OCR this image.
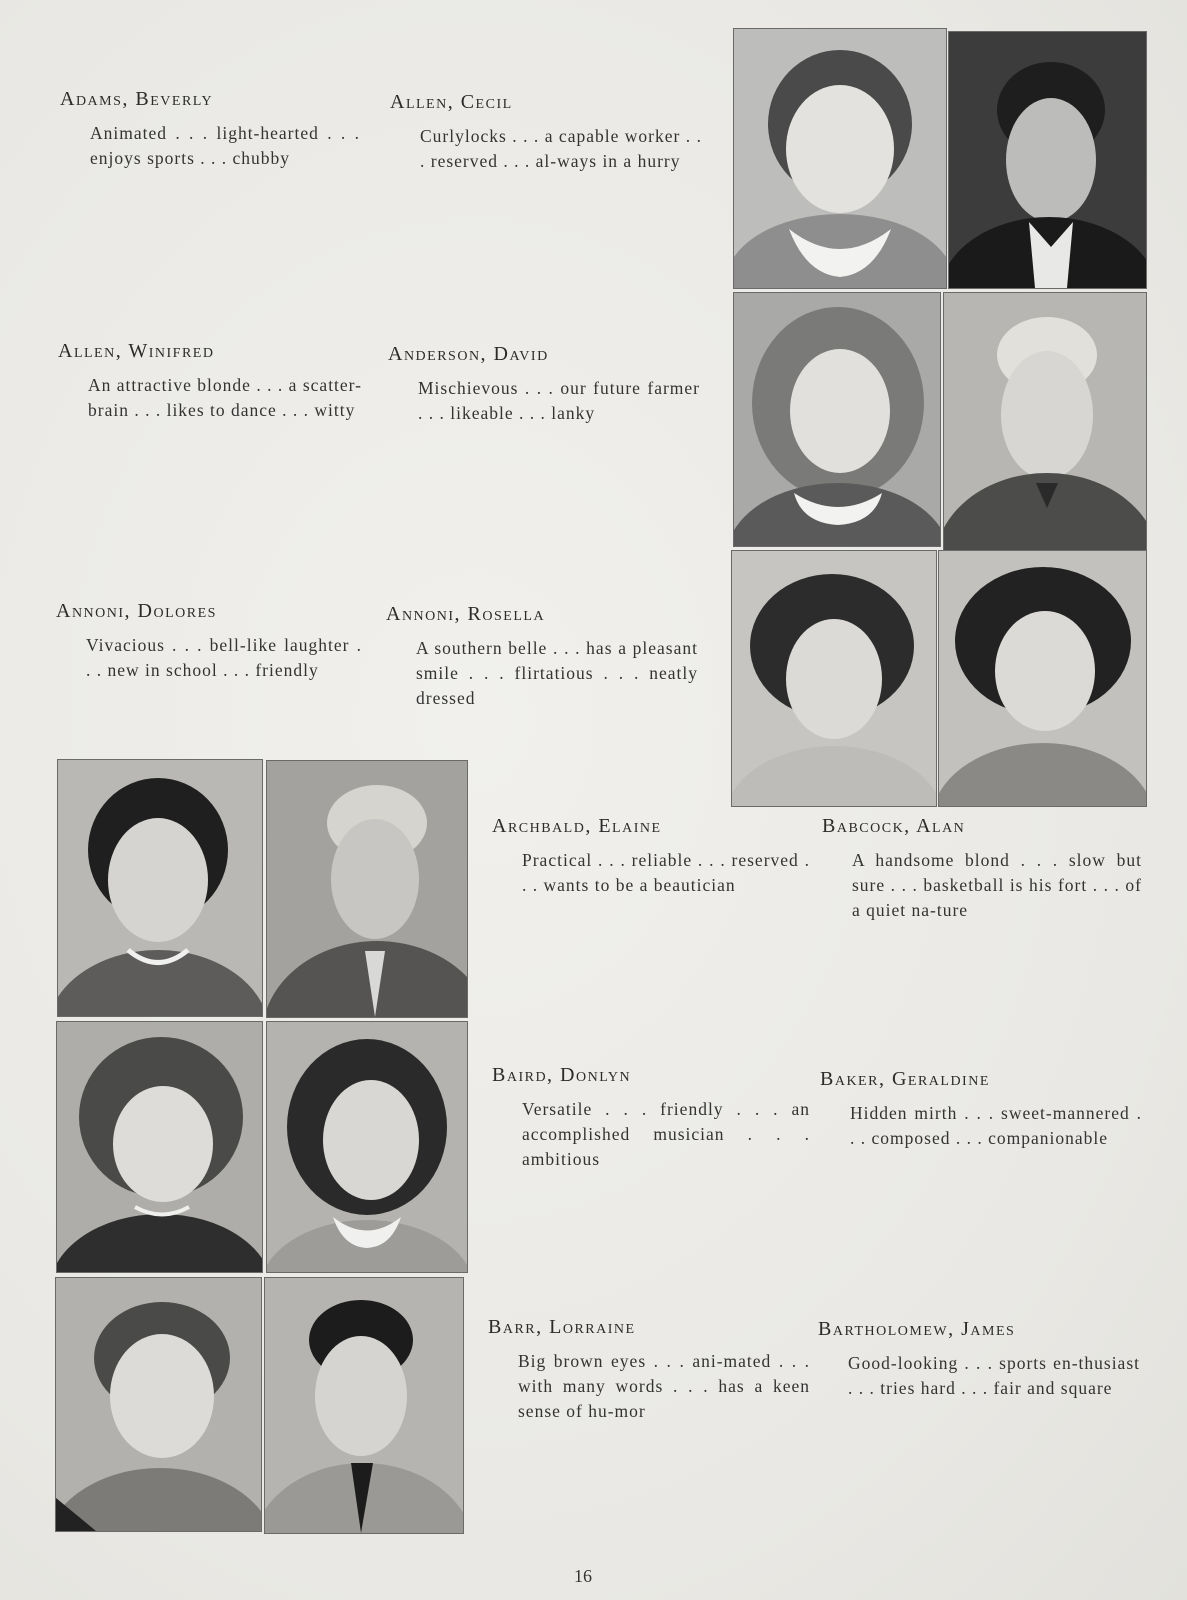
Adams, Beverly
Animated . . . light-hearted . . . enjoys sports . . . chubby
Allen, Cecil
Curlylocks . . . a capable worker . . . reserved . . . al-ways in a hurry
Allen, Winifred
An attractive blonde . . . a scatter-brain . . . likes to dance . . . witty
Anderson, David
Mischievous . . . our future farmer . . . likeable . . . lanky
Annoni, Dolores
Vivacious . . . bell-like laughter . . . new in school . . . friendly
Annoni, Rosella
A southern belle . . . has a pleasant smile . . . flirtatious . . . neatly dressed
Archbald, Elaine
Practical . . . reliable . . . reserved . . . wants to be a beautician
Babcock, Alan
A handsome blond . . . slow but sure . . . basketball is his fort . . . of a quiet na-ture
Baird, Donlyn
Versatile . . . friendly . . . an accomplished musician . . . ambitious
Baker, Geraldine
Hidden mirth . . . sweet-mannered . . . composed . . . companionable
Barr, Lorraine
Big brown eyes . . . ani-mated . . . with many words . . . has a keen sense of hu-mor
Bartholomew, James
Good-looking . . . sports en-thusiast . . . tries hard . . . fair and square
16
